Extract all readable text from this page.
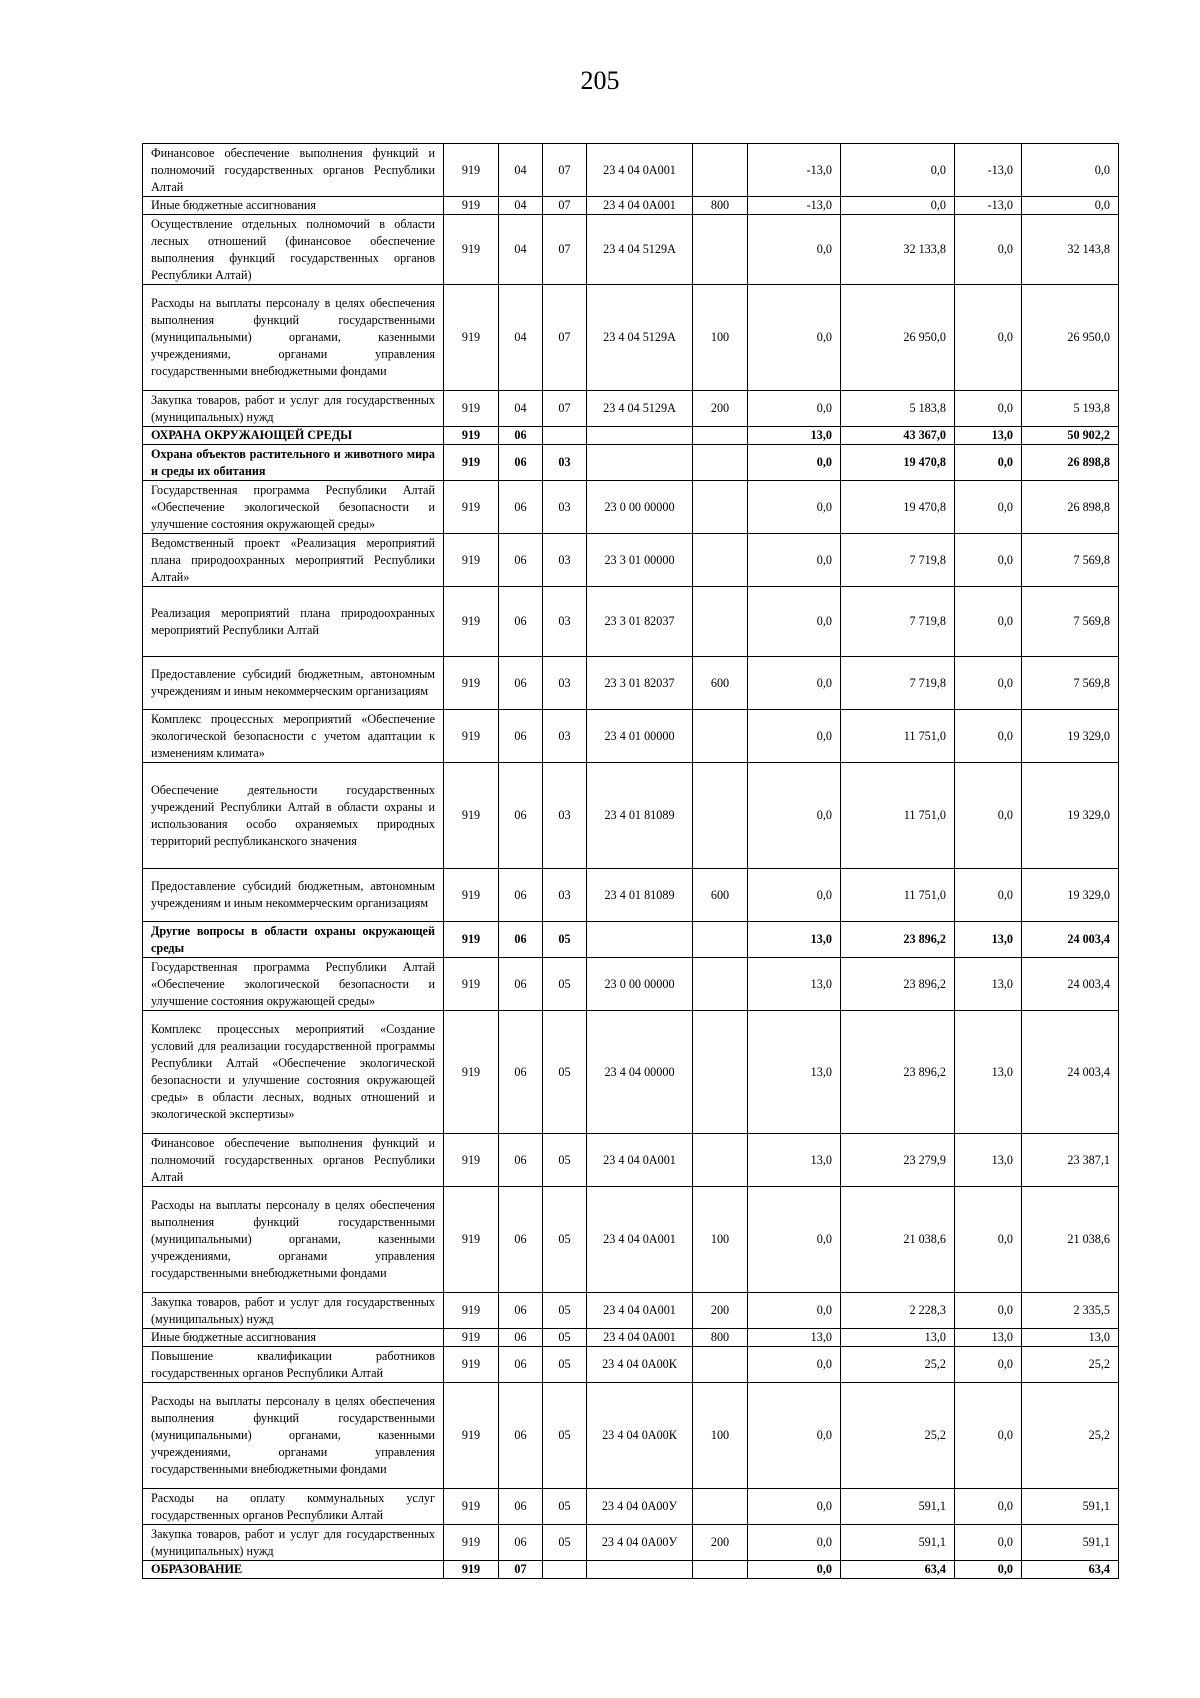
205
Финансовое обеспечение выполнения функций и полномочий государственных органов Республики Алтай	919	04	07	23 4 04 0А001		-13,0	0,0	-13,0	0,0
Иные бюджетные ассигнования	919	04	07	23 4 04 0А001	800	-13,0	0,0	-13,0	0,0
Осуществление отдельных полномочий в области лесных отношений (финансовое обеспечение выполнения функций государственных органов Республики Алтай)	919	04	07	23 4 04 5129А		0,0	32 133,8	0,0	32 143,8
Расходы на выплаты персоналу в целях обеспечения выполнения функций государственными (муниципальными) органами, казенными учреждениями, органами управления государственными внебюджетными фондами	919	04	07	23 4 04 5129А	100	0,0	26 950,0	0,0	26 950,0
Закупка товаров, работ и услуг для государственных (муниципальных) нужд	919	04	07	23 4 04 5129А	200	0,0	5 183,8	0,0	5 193,8
ОХРАНА ОКРУЖАЮЩЕЙ СРЕДЫ	919	06				13,0	43 367,0	13,0	50 902,2
Охрана объектов растительного и животного мира и среды их обитания	919	06	03			0,0	19 470,8	0,0	26 898,8
Государственная программа Республики Алтай «Обеспечение экологической безопасности и улучшение состояния окружающей среды»	919	06	03	23 0 00 00000		0,0	19 470,8	0,0	26 898,8
Ведомственный проект «Реализация мероприятий плана природоохранных мероприятий Республики Алтай»	919	06	03	23 3 01 00000		0,0	7 719,8	0,0	7 569,8
Реализация мероприятий плана природоохранных мероприятий Республики Алтай	919	06	03	23 3 01 82037		0,0	7 719,8	0,0	7 569,8
Предоставление субсидий бюджетным, автономным учреждениям и иным некоммерческим организациям	919	06	03	23 3 01 82037	600	0,0	7 719,8	0,0	7 569,8
Комплекс процессных мероприятий «Обеспечение экологической безопасности с учетом адаптации к изменениям климата»	919	06	03	23 4 01 00000		0,0	11 751,0	0,0	19 329,0
Обеспечение деятельности государственных учреждений Республики Алтай в области охраны и использования особо охраняемых природных территорий республиканского значения	919	06	03	23 4 01 81089		0,0	11 751,0	0,0	19 329,0
Предоставление субсидий бюджетным, автономным учреждениям и иным некоммерческим организациям	919	06	03	23 4 01 81089	600	0,0	11 751,0	0,0	19 329,0
Другие вопросы в области охраны окружающей среды	919	06	05			13,0	23 896,2	13,0	24 003,4
Государственная программа Республики Алтай «Обеспечение экологической безопасности и улучшение состояния окружающей среды»	919	06	05	23 0 00 00000		13,0	23 896,2	13,0	24 003,4
Комплекс процессных мероприятий «Создание условий для реализации государственной программы Республики Алтай «Обеспечение экологической безопасности и улучшение состояния окружающей среды» в области лесных, водных отношений и экологической экспертизы»	919	06	05	23 4 04 00000		13,0	23 896,2	13,0	24 003,4
Финансовое обеспечение выполнения функций и полномочий государственных органов Республики Алтай	919	06	05	23 4 04 0А001		13,0	23 279,9	13,0	23 387,1
Расходы на выплаты персоналу в целях обеспечения выполнения функций государственными (муниципальными) органами, казенными учреждениями, органами управления государственными внебюджетными фондами	919	06	05	23 4 04 0А001	100	0,0	21 038,6	0,0	21 038,6
Закупка товаров, работ и услуг для государственных (муниципальных) нужд	919	06	05	23 4 04 0А001	200	0,0	2 228,3	0,0	2 335,5
Иные бюджетные ассигнования	919	06	05	23 4 04 0А001	800	13,0	13,0	13,0	13,0
Повышение квалификации работников государственных органов Республики Алтай	919	06	05	23 4 04 0А00К		0,0	25,2	0,0	25,2
Расходы на выплаты персоналу в целях обеспечения выполнения функций государственными (муниципальными) органами, казенными учреждениями, органами управления государственными внебюджетными фондами	919	06	05	23 4 04 0А00К	100	0,0	25,2	0,0	25,2
Расходы на оплату коммунальных услуг государственных органов Республики Алтай	919	06	05	23 4 04 0А00У		0,0	591,1	0,0	591,1
Закупка товаров, работ и услуг для государственных (муниципальных) нужд	919	06	05	23 4 04 0А00У	200	0,0	591,1	0,0	591,1
ОБРАЗОВАНИЕ	919	07				0,0	63,4	0,0	63,4
